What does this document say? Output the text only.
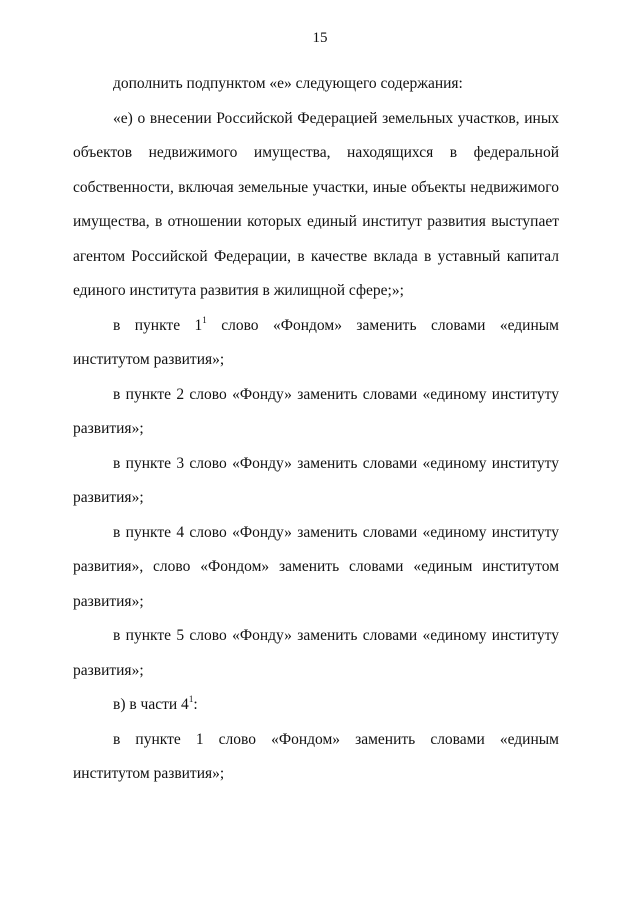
15

дополнить подпунктом «е» следующего содержания:

«е) о внесении Российской Федерацией земельных участков, иных объектов недвижимого имущества, находящихся в федеральной собственности, включая земельные участки, иные объекты недвижимого имущества, в отношении которых единый институт развития выступает агентом Российской Федерации, в качестве вклада в уставный капитал единого института развития в жилищной сфере;»;

в пункте $1^1$ слово «Фондом» заменить словами «единым институтом развития»;

в пункте 2 слово «Фонду» заменить словами «единому институту развития»;

в пункте 3 слово «Фонду» заменить словами «единому институту развития»;

в пункте 4 слово «Фонду» заменить словами «единому институту развития», слово «Фондом» заменить словами «единым институтом развития»;

в пункте 5 слово «Фонду» заменить словами «единому институту развития»;

в) в части $4^1$:

в пункте 1 слово «Фондом» заменить словами «единым институтом развития»;
